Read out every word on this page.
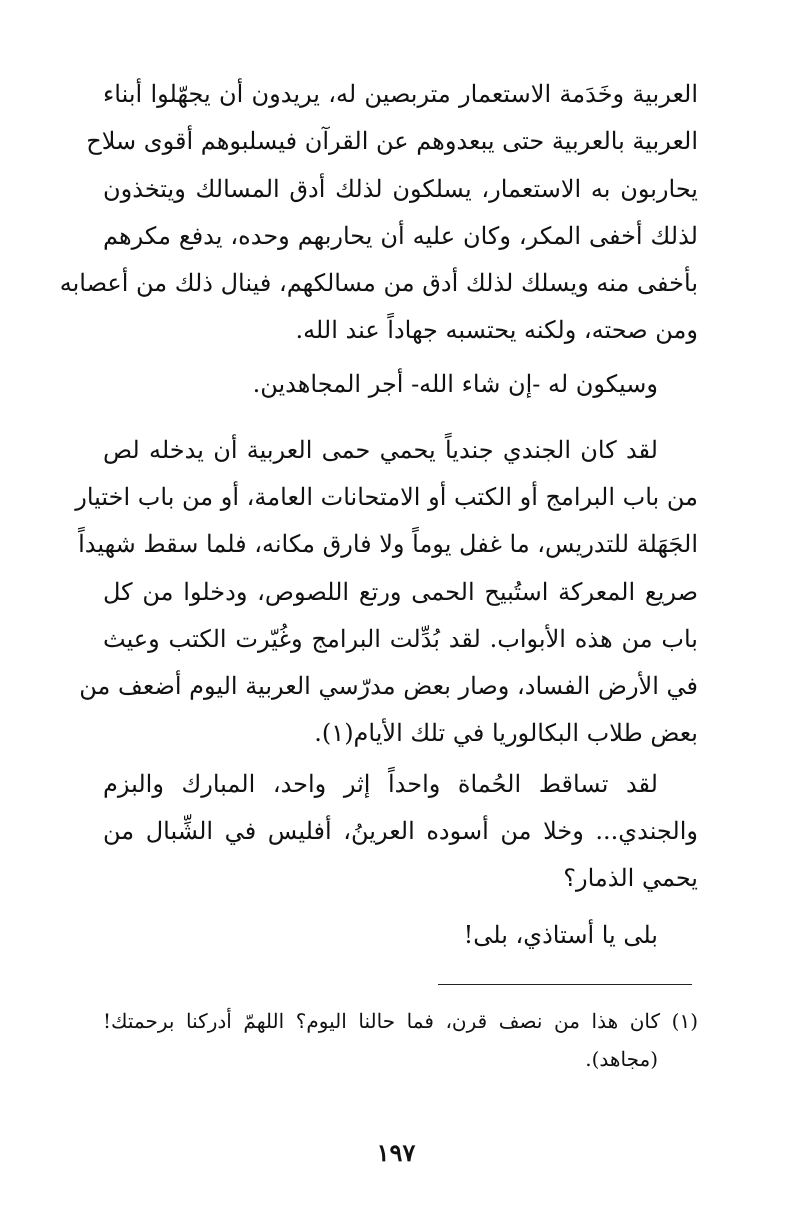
العربية وخَدَمة الاستعمار متربصين له، يريدون أن يجهّلوا أبناء
العربية بالعربية حتى يبعدوهم عن القرآن فيسلبوهم أقوى سلاح
يحاربون به الاستعمار، يسلكون لذلك أدق المسالك ويتخذون
لذلك أخفى المكر، وكان عليه أن يحاربهم وحده، يدفع مكرهم
بأخفى منه ويسلك لذلك أدق من مسالكهم، فينال ذلك من أعصابه
ومن صحته، ولكنه يحتسبه جهاداً عند الله.
وسيكون له -إن شاء الله- أجر المجاهدين.
لقد كان الجندي جندياً يحمي حمى العربية أن يدخله لص
من باب البرامج أو الكتب أو الامتحانات العامة، أو من باب اختيار
الجَهَلة للتدريس، ما غفل يوماً ولا فارق مكانه، فلما سقط شهيداً
صريع المعركة استُبيح الحمى ورتع اللصوص، ودخلوا من كل
باب من هذه الأبواب. لقد بُدِّلت البرامج وغُيّرت الكتب وعيث
في الأرض الفساد، وصار بعض مدرّسي العربية اليوم أضعف من
بعض طلاب البكالوريا في تلك الأيام(١).
لقد تساقط الحُماة واحداً إثر واحد، المبارك والبزم
والجندي... وخلا من أسوده العرينُ، أفليس في الشِّبال من
يحمي الذمار؟
بلى يا أستاذي، بلى!
(١) كان هذا من نصف قرن، فما حالنا اليوم؟ اللهمّ أدركنا برحمتك!
(مجاهد).
١٩٧
